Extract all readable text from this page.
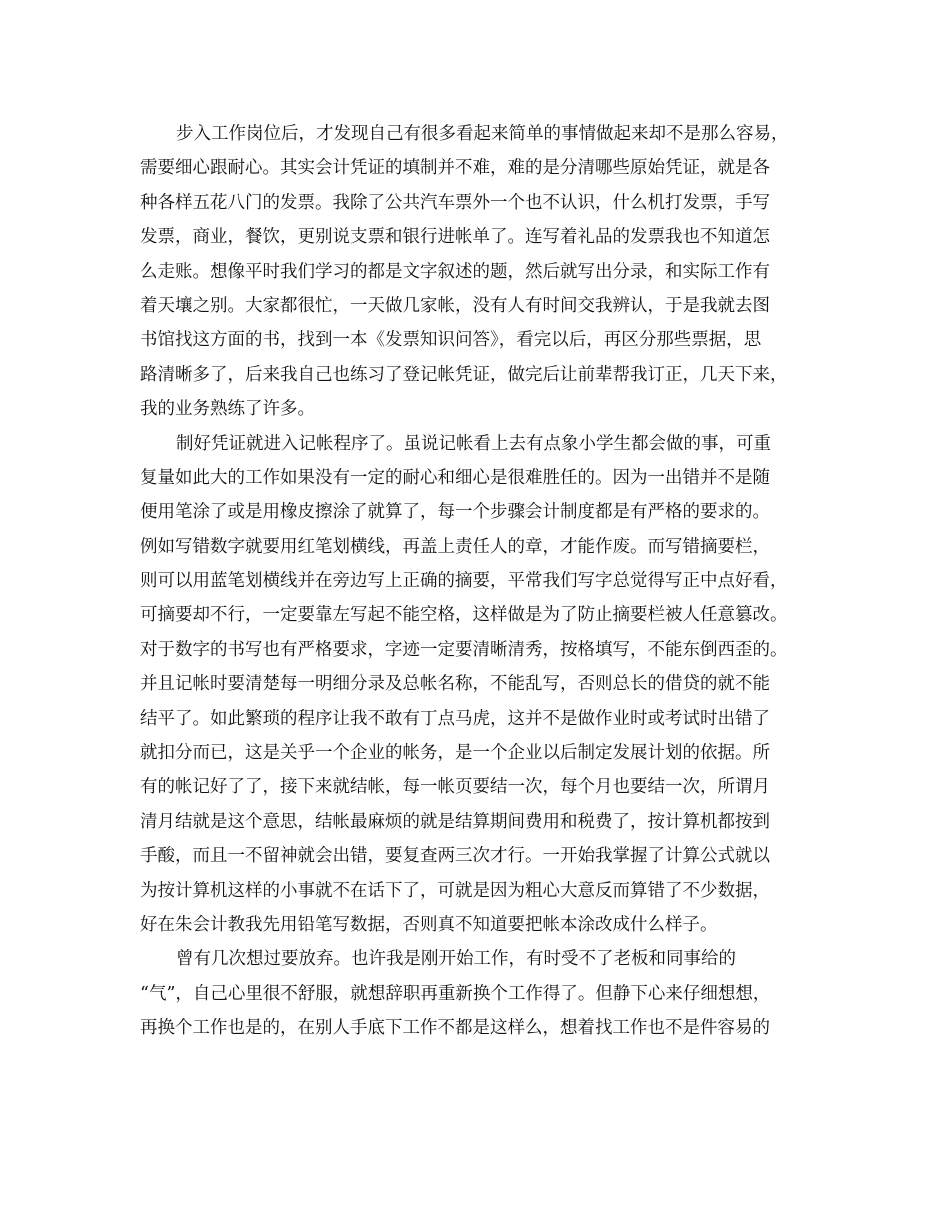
步入工作岗位后，才发现自己有很多看起来简单的事情做起来却不是那么容易，
需要细心跟耐心。其实会计凭证的填制并不难，难的是分清哪些原始凭证，就是各
种各样五花八门的发票。我除了公共汽车票外一个也不认识，什么机打发票，手写
发票，商业，餐饮，更别说支票和银行进帐单了。连写着礼品的发票我也不知道怎
么走账。想像平时我们学习的都是文字叙述的题，然后就写出分录，和实际工作有
着天壤之别。大家都很忙，一天做几家帐，没有人有时间交我辨认，于是我就去图
书馆找这方面的书，找到一本《发票知识问答》，看完以后，再区分那些票据，思
路清晰多了，后来我自己也练习了登记帐凭证，做完后让前辈帮我订正，几天下来，
我的业务熟练了许多。
制好凭证就进入记帐程序了。虽说记帐看上去有点象小学生都会做的事，可重
复量如此大的工作如果没有一定的耐心和细心是很难胜任的。因为一出错并不是随
便用笔涂了或是用橡皮擦涂了就算了，每一个步骤会计制度都是有严格的要求的。
例如写错数字就要用红笔划横线，再盖上责任人的章，才能作废。而写错摘要栏，
则可以用蓝笔划横线并在旁边写上正确的摘要，平常我们写字总觉得写正中点好看，
可摘要却不行，一定要靠左写起不能空格，这样做是为了防止摘要栏被人任意篡改。
对于数字的书写也有严格要求，字迹一定要清晰清秀，按格填写，不能东倒西歪的。
并且记帐时要清楚每一明细分录及总帐名称，不能乱写，否则总长的借贷的就不能
结平了。如此繁琐的程序让我不敢有丁点马虎，这并不是做作业时或考试时出错了
就扣分而已，这是关乎一个企业的帐务，是一个企业以后制定发展计划的依据。所
有的帐记好了了，接下来就结帐，每一帐页要结一次，每个月也要结一次，所谓月
清月结就是这个意思，结帐最麻烦的就是结算期间费用和税费了，按计算机都按到
手酸，而且一不留神就会出错，要复查两三次才行。一开始我掌握了计算公式就以
为按计算机这样的小事就不在话下了，可就是因为粗心大意反而算错了不少数据，
好在朱会计教我先用铅笔写数据，否则真不知道要把帐本涂改成什么样子。
曾有几次想过要放弃。也许我是刚开始工作，有时受不了老板和同事给的
“气”，自己心里很不舒服，就想辞职再重新换个工作得了。但静下心来仔细想想，
再换个工作也是的，在别人手底下工作不都是这样么，想着找工作也不是件容易的
